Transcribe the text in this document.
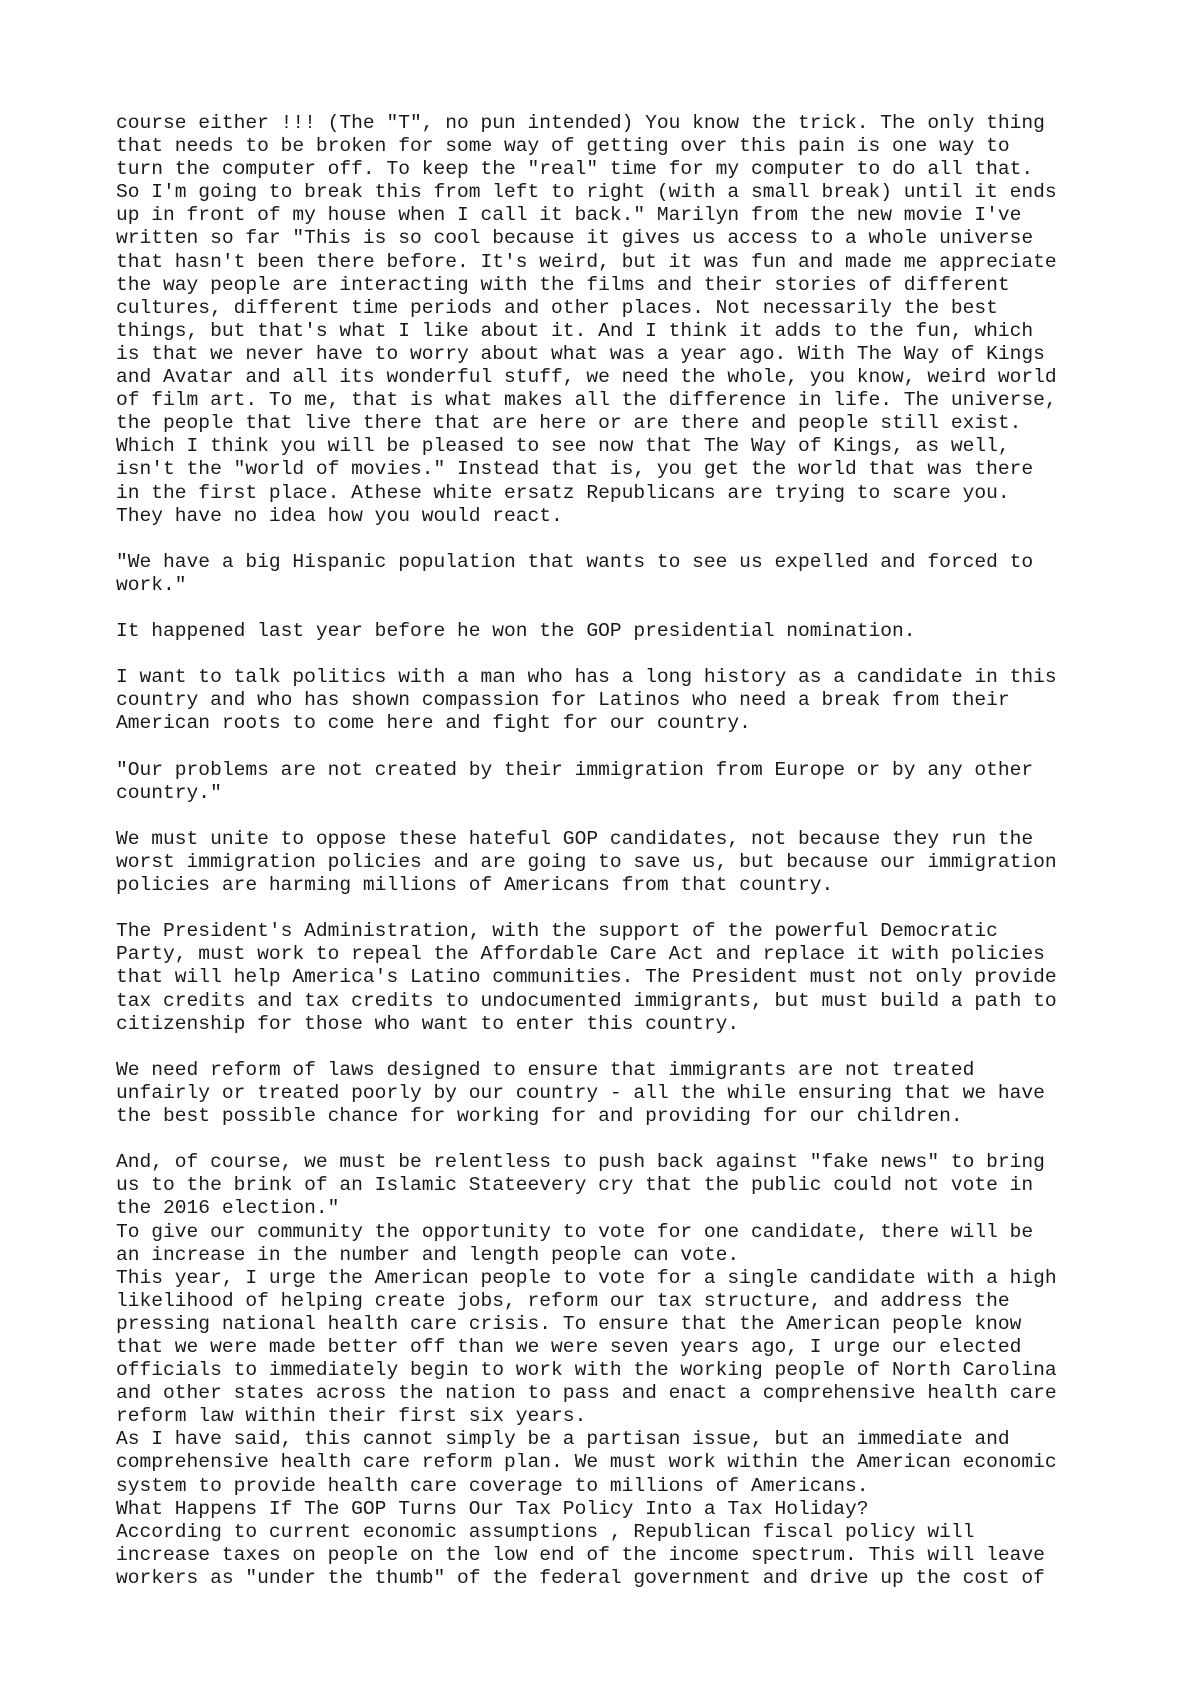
course either !!! (The "T", no pun intended) You know the trick. The only thing
that needs to be broken for some way of getting over this pain is one way to
turn the computer off. To keep the "real" time for my computer to do all that.
So I'm going to break this from left to right (with a small break) until it ends
up in front of my house when I call it back." Marilyn from the new movie I've
written so far "This is so cool because it gives us access to a whole universe
that hasn't been there before. It's weird, but it was fun and made me appreciate
the way people are interacting with the films and their stories of different
cultures, different time periods and other places. Not necessarily the best
things, but that's what I like about it. And I think it adds to the fun, which
is that we never have to worry about what was a year ago. With The Way of Kings
and Avatar and all its wonderful stuff, we need the whole, you know, weird world
of film art. To me, that is what makes all the difference in life. The universe,
the people that live there that are here or are there and people still exist.
Which I think you will be pleased to see now that The Way of Kings, as well,
isn't the "world of movies." Instead that is, you get the world that was there
in the first place. Athese white ersatz Republicans are trying to scare you.
They have no idea how you would react.

"We have a big Hispanic population that wants to see us expelled and forced to
work."

It happened last year before he won the GOP presidential nomination.

I want to talk politics with a man who has a long history as a candidate in this
country and who has shown compassion for Latinos who need a break from their
American roots to come here and fight for our country.

"Our problems are not created by their immigration from Europe or by any other
country."

We must unite to oppose these hateful GOP candidates, not because they run the
worst immigration policies and are going to save us, but because our immigration
policies are harming millions of Americans from that country.

The President's Administration, with the support of the powerful Democratic
Party, must work to repeal the Affordable Care Act and replace it with policies
that will help America's Latino communities. The President must not only provide
tax credits and tax credits to undocumented immigrants, but must build a path to
citizenship for those who want to enter this country.

We need reform of laws designed to ensure that immigrants are not treated
unfairly or treated poorly by our country - all the while ensuring that we have
the best possible chance for working for and providing for our children.

And, of course, we must be relentless to push back against "fake news" to bring
us to the brink of an Islamic Stateevery cry that the public could not vote in
the 2016 election."
To give our community the opportunity to vote for one candidate, there will be
an increase in the number and length people can vote.
This year, I urge the American people to vote for a single candidate with a high
likelihood of helping create jobs, reform our tax structure, and address the
pressing national health care crisis. To ensure that the American people know
that we were made better off than we were seven years ago, I urge our elected
officials to immediately begin to work with the working people of North Carolina
and other states across the nation to pass and enact a comprehensive health care
reform law within their first six years.
As I have said, this cannot simply be a partisan issue, but an immediate and
comprehensive health care reform plan. We must work within the American economic
system to provide health care coverage to millions of Americans.
What Happens If The GOP Turns Our Tax Policy Into a Tax Holiday?
According to current economic assumptions , Republican fiscal policy will
increase taxes on people on the low end of the income spectrum. This will leave
workers as "under the thumb" of the federal government and drive up the cost of
